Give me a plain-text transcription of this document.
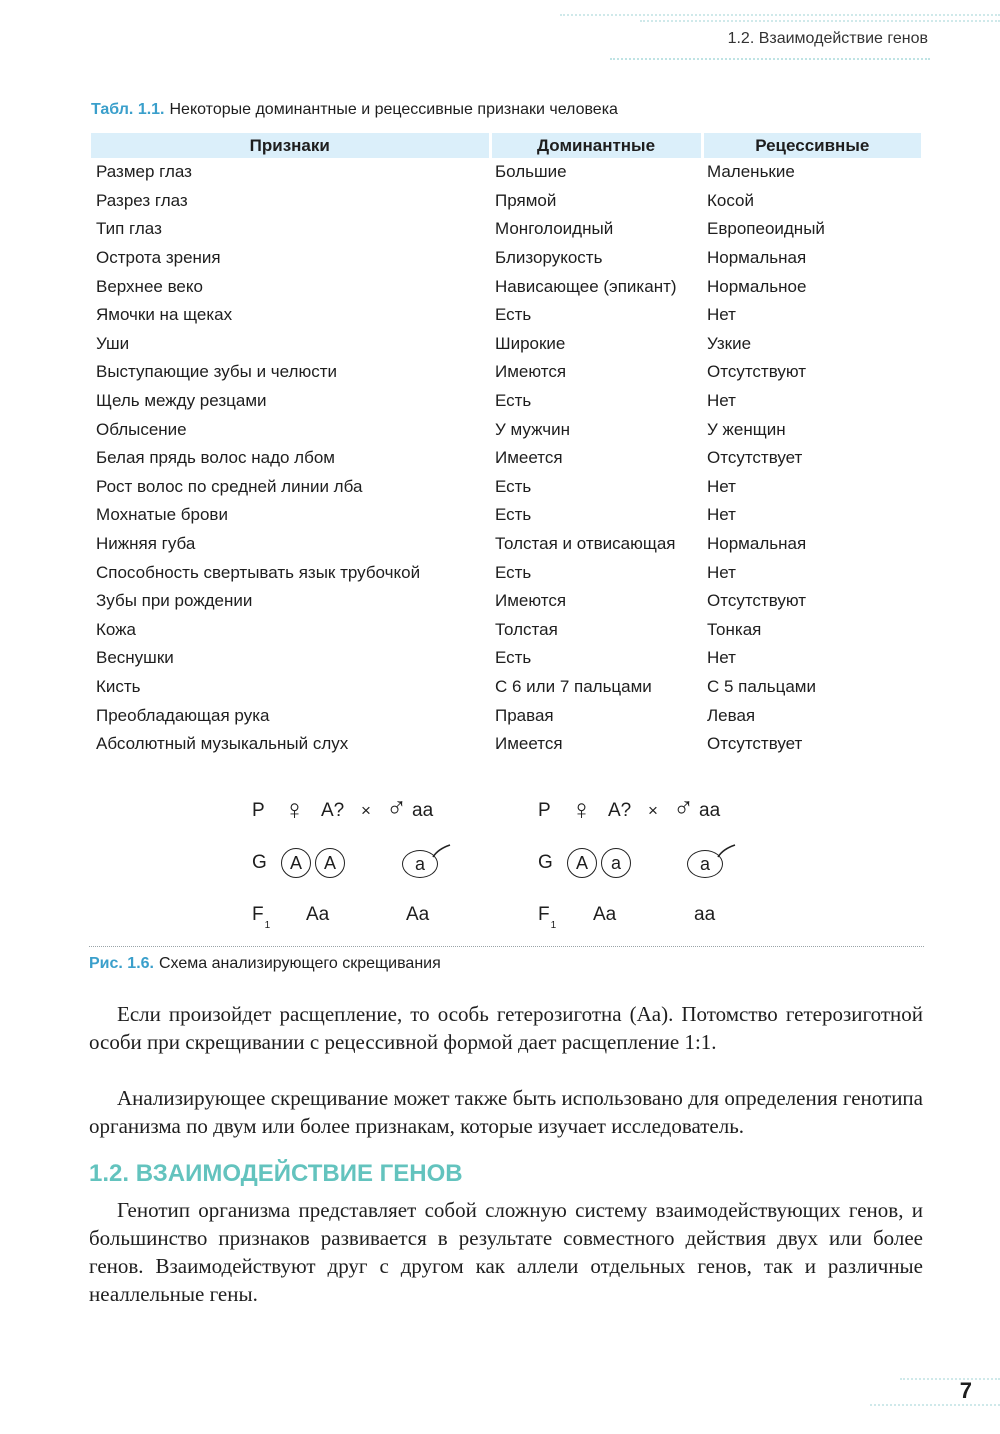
1.2. Взаимодействие генов
Табл. 1.1. Некоторые доминантные и рецессивные признаки человека
Признаки	Доминантные	Рецессивные
Размер глаз	Большие	Маленькие
Разрез глаз	Прямой	Косой
Тип глаз	Монголоидный	Европеоидный
Острота зрения	Близорукость	Нормальная
Верхнее веко	Нависающее (эпикант)	Нормальное
Ямочки на щеках	Есть	Нет
Уши	Широкие	Узкие
Выступающие зубы и челюсти	Имеются	Отсутствуют
Щель между резцами	Есть	Нет
Облысение	У мужчин	У женщин
Белая прядь волос надо лбом	Имеется	Отсутствует
Рост волос по средней линии лба	Есть	Нет
Мохнатые брови	Есть	Нет
Нижняя губа	Толстая и отвисающая	Нормальная
Способность свертывать язык трубочкой	Есть	Нет
Зубы при рождении	Имеются	Отсутствуют
Кожа	Толстая	Тонкая
Веснушки	Есть	Нет
Кисть	С 6 или 7 пальцами	С 5 пальцами
Преобладающая рука	Правая	Левая
Абсолютный музыкальный слух	Имеется	Отсутствует
P ♀ A? × ♂ aa
G	A	A	a
$F_1$
Aa	Aa
P ♀ A? × ♂ aa
G	A	a	a
$F_1$
Aa	aa
Рис. 1.6. Схема анализирующего скрещивания

Если произойдет расщепление, то особь гетерозиготна (Aa). Потомство гетерозиготной особи при скрещивании с рецессивной формой дает расщепление 1:1.

Анализирующее скрещивание может также быть использовано для определения генотипа организма по двум или более признакам, которые изучает исследователь.

1.2. ВЗАИМОДЕЙСТВИЕ ГЕНОВ

Генотип организма представляет собой сложную систему взаимодействующих генов, и большинство признаков развивается в результате совместного действия двух или более генов. Взаимодействуют друг с другом как аллели отдельных генов, так и различные неаллельные гены.

7
